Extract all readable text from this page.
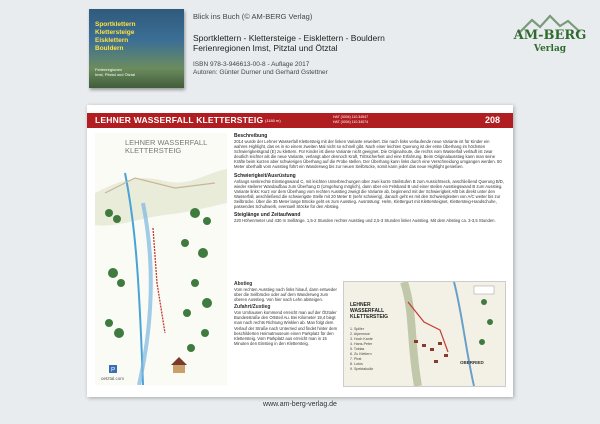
Sportklettern
Klettersteige
Eisklettern
Bouldern
Ferienregionen
Imst, Pitztal und Ötztal
Blick ins Buch (© AM-BERG Verlag)
Sportklettern - Klettersteige - Eisklettern - Bouldern
Ferienregionen Imst, Pitztal und Ötztal
ISBN 978-3-946613-00-8 - Auflage 2017
Autoren: Günter Durner und Gerhard Gstettner
AM-BERG
Verlag
LEHNER WASSERFALL KLETTERSTEIG (1180 m)
HAT (0004) 110.34547
HAT (0004) 110.34074	208
P
LEHNER WASSERFALL
KLETTERSTEIG
oetztal.com
Beschreibung

2014 wurde der Lehner Wasserfall Klettersteig mit der linken Variante erweitert. Die nach links verlaufende neue Variante ist für Kinder ein wahres Highlight, das es in so einem zweiten Mal nicht so schnell gibt. Nach einer leichten Querung ist der erste Überhang im höchsten Schwierigkeitsgrad (E) zu klettern. Für Kinder ist diese Variante nicht geeignet. Die Originalroute, die rechts vom Wasserfall verläuft ist zwar deutlich leichter als die neue Variante, verlangt aber dennoch Kraft, Trittsicherheit und eine Erfahrung. Beim Originalausstieg kann man seine Kräfte beim kurzen aber schwierigen Überhang auf die Probe stellen. Der Überhang kann links durch eine Verschneidung umgangen werden. 50 Meter oberhalb vom Ausstieg führt ein Wanderweg bis zur neuen Seilbrücke, somit kann jeder das neue Highlight genießen.

Schwierigkeit/Ausrüstung

Anfangs senkrechte Einstiegswand C, mit leichten Unterbrechungen über zwei kurze Steilstufen B zum Aussichtseck, anschließend Querung B/D, wieder steilerer Wandaufbau zum Überhang D (Umgehung möglich), dann über ein Felsband B und einer steilen Ausstiegswand B zum Ausstieg. Variante links: Kurz vor dem Überhang vom rechten Ausstieg zweigt die Variante ab, beginnend mit der Schwierigkeit A/B bis direkt unter den Wasserfall, anschließend die schwierigste Stelle mit 20 Meter E (sehr schwierig), danach geht es mit den Schwierigkeiten von A/C weiter bis zur Seilbrücke. Über die 35 Meter lange Brücke geht es zum Ausstieg. Ausrüstung: Helm, Klettergurt mit Klettersteigset, Klettersteig-Handschuhe, passendes Schuhwerk, eventuell Stöcke für den Abstieg.

Steiglänge und Zeitaufwand

220 Höhenmeter und 430 m Seillänge. 1,5-2 Stunden rechter Ausstieg und 2,5-3 Stunden linker Ausstieg. Mit dem Abstieg ca. 3-3,5 Stunden.

Abstieg

Vom rechten Ausstieg nach links hinauf, dann entweder über die Seilbrücke oder auf dem Wanderweg zum oberen Ausstieg. Von hier nach Lehn absteigen.

Zufahrt/Zustieg

Von Umhausen kommend erreicht man auf der Ötztaler Bundesstraße den Ortsteil Au. Bei Kilometer 19,4 biegt man nach rechts Richtung Winklen ab. Man folgt dem Verlauf der Straße nach Unterried und findet hinter dem beschilderten Heimatmuseum einen Parkplatz für den Klettersteig. Vom Parkplatz aus erreicht man in 15 Minuten den Einstieg in den Klettersteig.

LEHNER WASSERFALL KLETTERSTEIG
1. Spiller
2. Alpenrose
3. Hoch Kante
4. Hans-Peter
5. Tobias
6. Zu Klettern
7. Pirat
8. Lotos
9. Spektakulär
OBERRIED
www.am-berg-verlag.de
